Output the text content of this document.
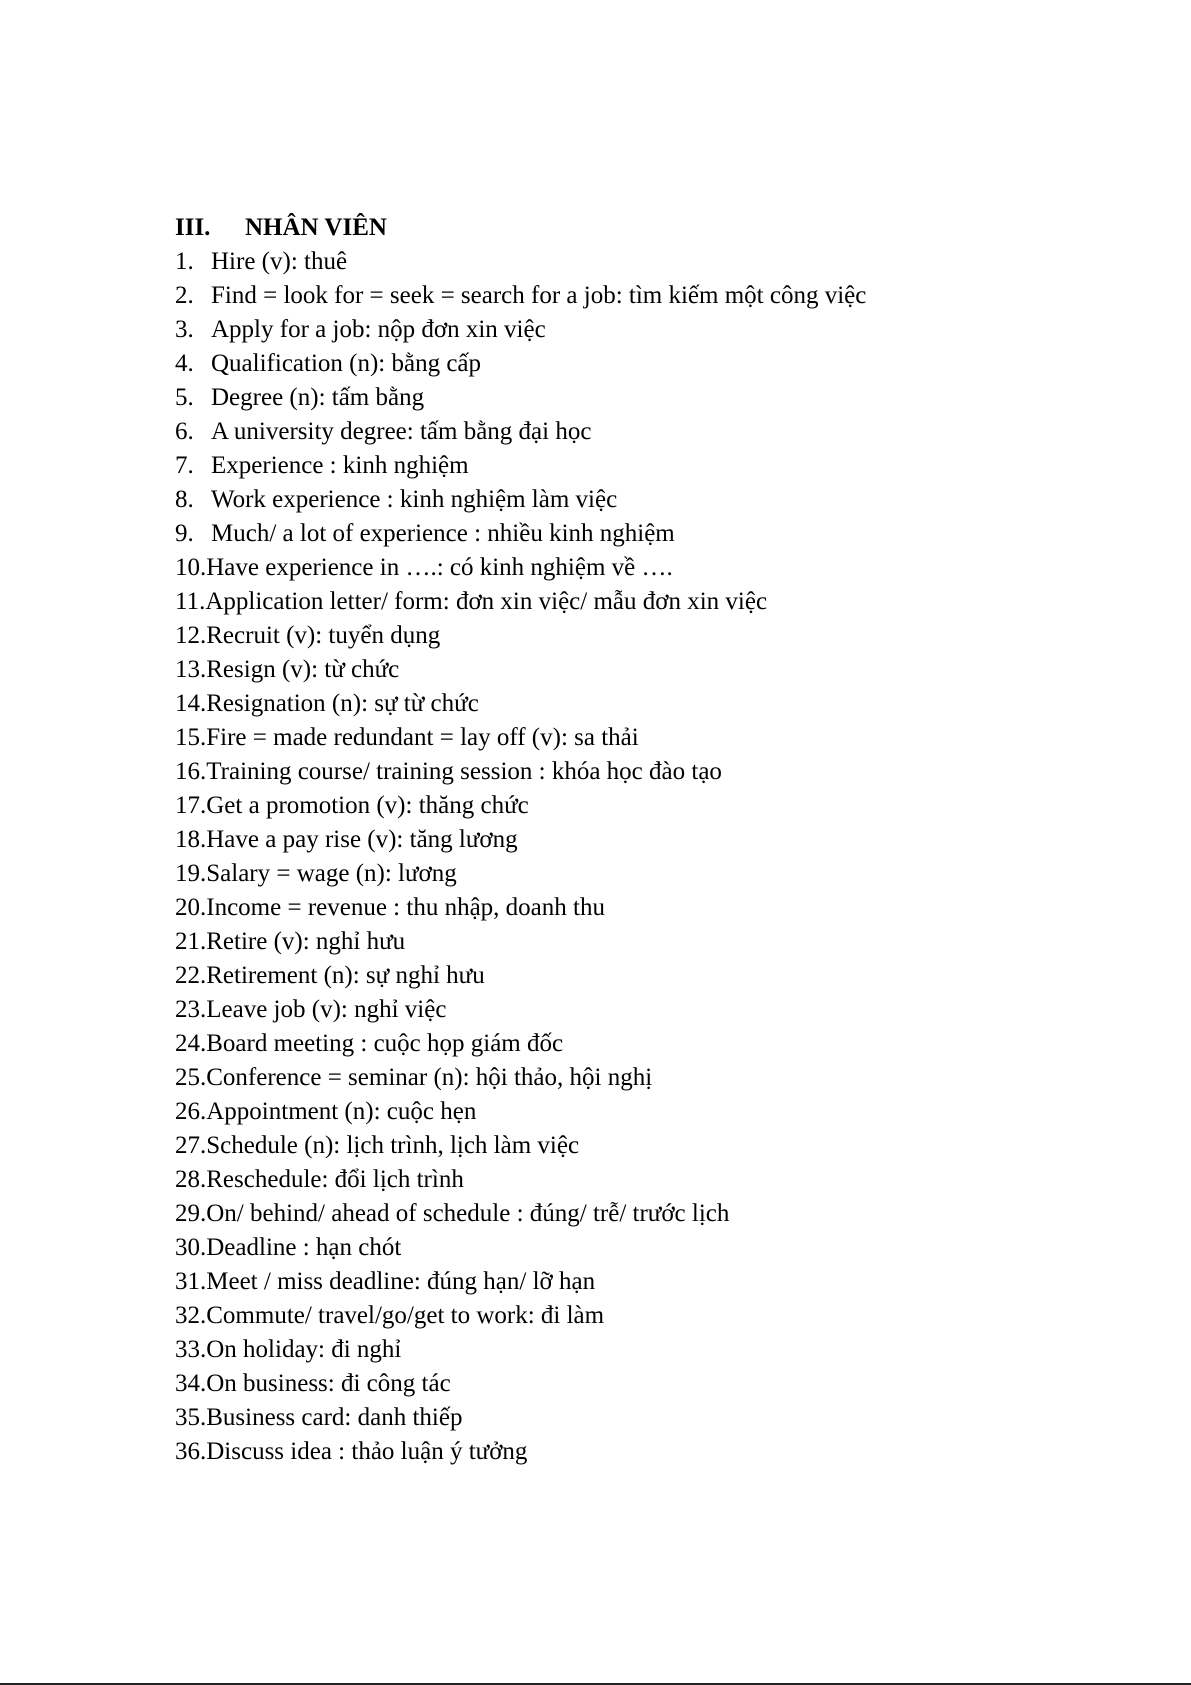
III. NHÂN VIÊN
1. Hire (v): thuê
2. Find = look for = seek = search for a job: tìm kiếm một công việc
3. Apply for a job: nộp đơn xin việc
4. Qualification (n): bằng cấp
5. Degree (n): tấm bằng
6. A university degree: tấm bằng đại học
7. Experience : kinh nghiệm
8. Work experience : kinh nghiệm làm việc
9. Much/ a lot of experience : nhiều kinh nghiệm
10.Have experience in ….: có kinh nghiệm về ….
11.Application letter/ form: đơn xin việc/ mẫu đơn xin việc
12.Recruit (v): tuyển dụng
13.Resign (v): từ chức
14.Resignation (n): sự từ chức
15.Fire = made redundant = lay off (v): sa thải
16.Training course/ training session : khóa học đào tạo
17.Get a promotion (v): thăng chức
18.Have a pay rise (v): tăng lương
19.Salary = wage (n): lương
20.Income = revenue : thu nhập, doanh thu
21.Retire (v): nghỉ hưu
22.Retirement (n): sự nghỉ hưu
23.Leave job (v): nghỉ việc
24.Board meeting : cuộc họp giám đốc
25.Conference = seminar (n): hội thảo, hội nghị
26.Appointment (n): cuộc hẹn
27.Schedule (n): lịch trình, lịch làm việc
28.Reschedule: đổi lịch trình
29.On/ behind/ ahead of schedule : đúng/ trễ/ trước lịch
30.Deadline : hạn chót
31.Meet / miss deadline: đúng hạn/ lỡ hạn
32.Commute/ travel/go/get to work: đi làm
33.On holiday: đi nghỉ
34.On business: đi công tác
35.Business card: danh thiếp
36.Discuss idea : thảo luận ý tưởng
